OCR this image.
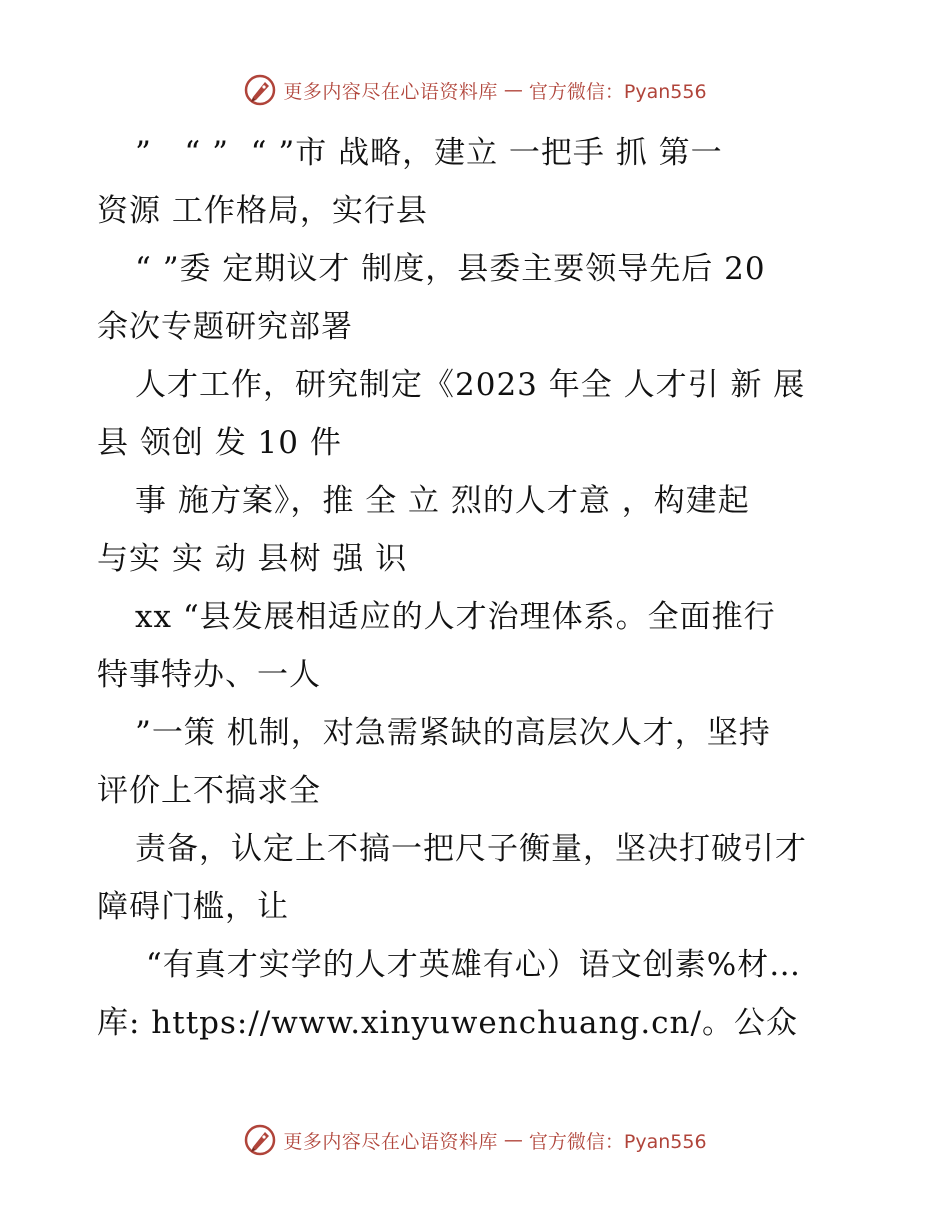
更多内容尽在心语资料库 — 官方微信：Pyan556
”   “ ”  “ ”市 战略，建立 一把手 抓 第一
资源 工作格局，实行县
“ ”委 定期议才 制度，县委主要领导先后 20
余次专题研究部署
人才工作，研究制定《2023 年全 人才引 新 展
县 领创 发 10 件
事 施方案》，推 全 立 烈的人才意 ，构建起
与实 实 动 县树 强 识
xx “县发展相适应的人才治理体系。全面推行
特事特办、一人
”一策 机制，对急需紧缺的高层次人才，坚持
评价上不搞求全
责备，认定上不搞一把尺子衡量，坚决打破引才
障碍门槛，让
“有真才实学的人才英雄有心）语文创素%材…
库: https://www.xinyuwenchuang.cn/。公众
更多内容尽在心语资料库 — 官方微信：Pyan556
